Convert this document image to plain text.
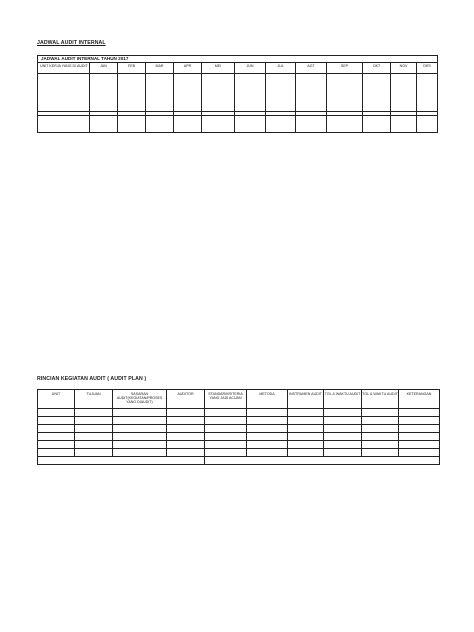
JADWAL AUDIT INTERNAL
JADWAL AUDIT INTERNAL TAHUN 2017												
UNIT KERJA YANG DI AUDIT	JAN	FEB	MAR	APR	MEI	JUN	JUL	AGT	SEP	OKT	NOV	DES

RINCIAN KEGIATAN AUDIT ( AUDIT PLAN )
UNIT	TUJUAN	SASARAN AUDIT(KEGIATAN/PROSES YANG DIAUDIT)	AUDITOR	STANDAR/KRITERIA YANG JADI ACUAN	METODA	INSTRUMEN AUDIT	TGL & WAKTU AUDIT	TGL & WAKTU AUDIT	KETERANGAN
